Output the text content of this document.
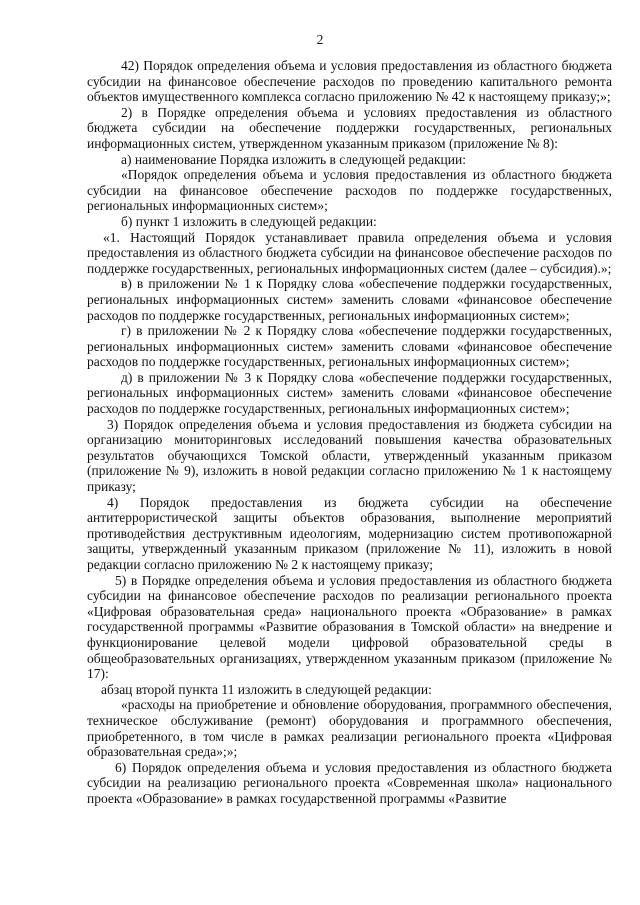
2

42) Порядок определения объема и условия предоставления из областного бюджета субсидии на финансовое обеспечение расходов по проведению капитального ремонта объектов имущественного комплекса согласно приложению № 42 к настоящему приказу;»;

2) в Порядке определения объема и условиях предоставления из областного бюджета субсидии на обеспечение поддержки государственных, региональных информационных систем, утвержденном указанным приказом (приложение № 8):

а) наименование Порядка изложить в следующей редакции:

«Порядок определения объема и условия предоставления из областного бюджета субсидии на финансовое обеспечение расходов по поддержке государственных, региональных информационных систем»;

б) пункт 1 изложить в следующей редакции:

«1. Настоящий Порядок устанавливает правила определения объема и условия предоставления из областного бюджета субсидии на финансовое обеспечение расходов по поддержке государственных, региональных информационных систем (далее – субсидия).»;

в) в приложении № 1 к Порядку слова «обеспечение поддержки государственных, региональных информационных систем» заменить словами «финансовое обеспечение расходов по поддержке государственных, региональных информационных систем»;

г) в приложении № 2 к Порядку слова «обеспечение поддержки государственных, региональных информационных систем» заменить словами «финансовое обеспечение расходов по поддержке государственных, региональных информационных систем»;

д) в приложении № 3 к Порядку слова «обеспечение поддержки государственных, региональных информационных систем» заменить словами «финансовое обеспечение расходов по поддержке государственных, региональных информационных систем»;

3) Порядок определения объема и условия предоставления из бюджета субсидии на организацию мониторинговых исследований повышения качества образовательных результатов обучающихся Томской области, утвержденный указанным приказом (приложение № 9), изложить в новой редакции согласно приложению № 1 к настоящему приказу;

4) Порядок предоставления из бюджета субсидии на обеспечение антитеррористической защиты объектов образования, выполнение мероприятий противодействия деструктивным идеологиям, модернизацию систем противопожарной защиты, утвержденный указанным приказом (приложение № 11), изложить в новой редакции согласно приложению № 2 к настоящему приказу;

5) в Порядке определения объема и условия предоставления из областного бюджета субсидии на финансовое обеспечение расходов по реализации регионального проекта «Цифровая образовательная среда» национального проекта «Образование» в рамках государственной программы «Развитие образования в Томской области» на внедрение и функционирование целевой модели цифровой образовательной среды в общеобразовательных организациях, утвержденном указанным приказом (приложение № 17):

абзац второй пункта 11 изложить в следующей редакции:

«расходы на приобретение и обновление оборудования, программного обеспечения, техническое обслуживание (ремонт) оборудования и программного обеспечения, приобретенного, в том числе в рамках реализации регионального проекта «Цифровая образовательная среда»;»;

6) Порядок определения объема и условия предоставления из областного бюджета субсидии на реализацию регионального проекта «Современная школа» национального проекта «Образование» в рамках государственной программы «Развитие
